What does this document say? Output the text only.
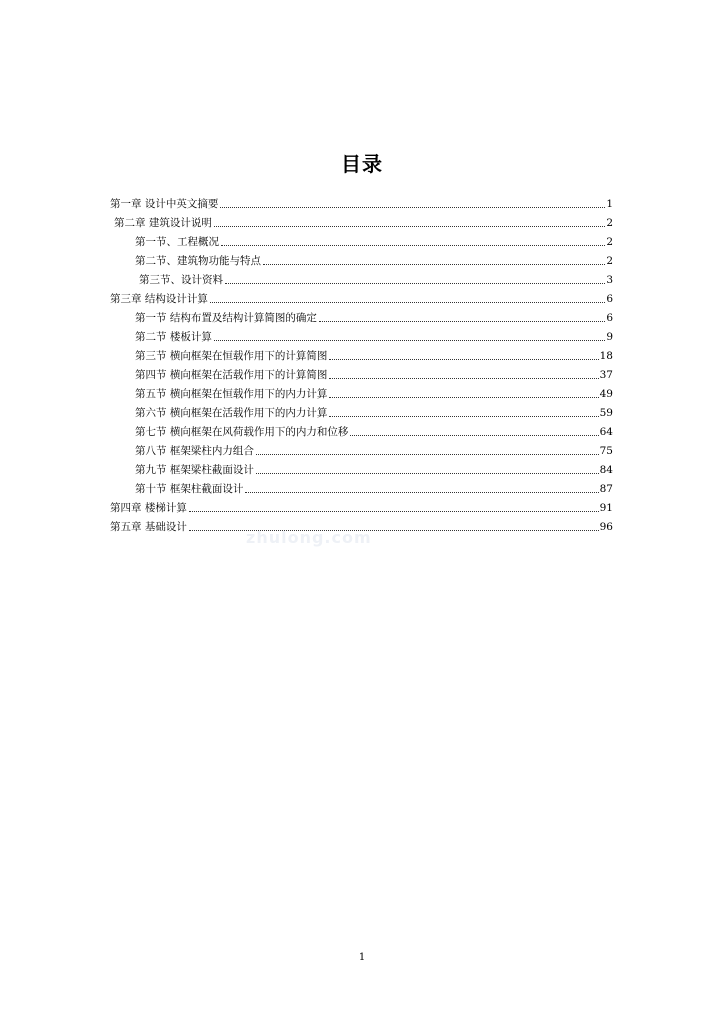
目录
第一章 设计中英文摘要	1
第二章 建筑设计说明	2
第一节、工程概况	2
第二节、建筑物功能与特点	2
第三节、设计资料	3
第三章 结构设计计算	6
第一节 结构布置及结构计算简图的确定	6
第二节 楼板计算	9
第三节 横向框架在恒载作用下的计算简图	18
第四节 横向框架在活载作用下的计算简图	37
第五节 横向框架在恒载作用下的内力计算	49
第六节 横向框架在活载作用下的内力计算	59
第七节 横向框架在风荷载作用下的内力和位移	64
第八节 框架梁柱内力组合	75
第九节 框架梁柱截面设计	84
第十节 框架柱截面设计	87
第四章 楼梯计算	91
第五章 基础设计	96
zhulong.com
1
